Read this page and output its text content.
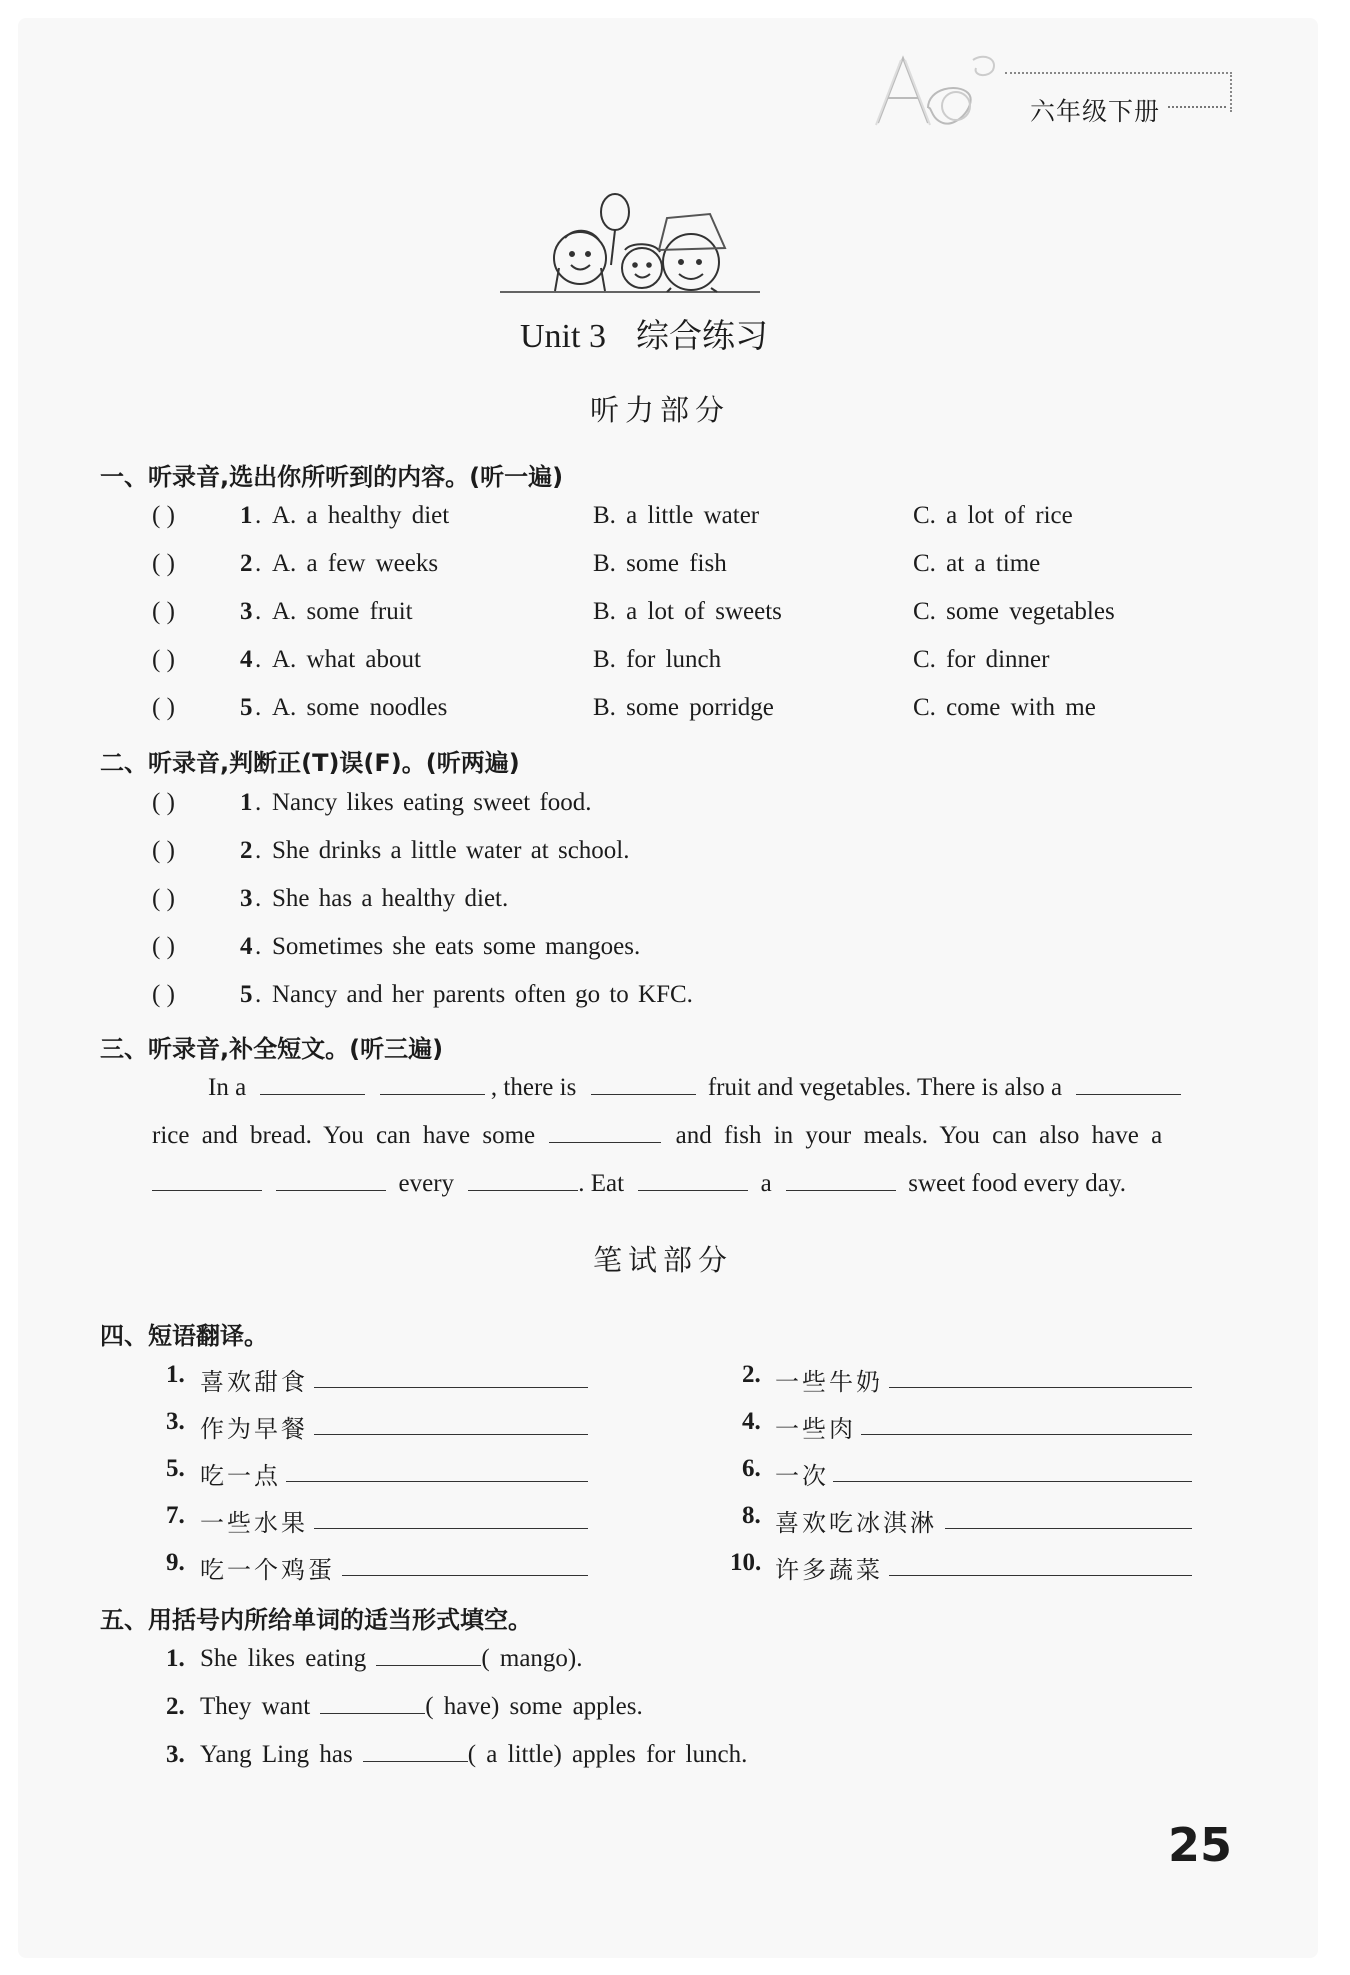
六年级下册
Unit 3 综合练习
听力部分
一、听录音,选出你所听到的内容。(听一遍)
( )	1 . A. a healthy diet	B. a little water	C. a lot of rice
( )	2 . A. a few weeks	B. some fish	C. at a time
( )	3 . A. some fruit	B. a lot of sweets	C. some vegetables
( )	4 . A. what about	B. for lunch	C. for dinner
( )	5 . A. some noodles	B. some porridge	C. come with me
二、听录音,判断正(T)误(F)。(听两遍)
( )	1 . Nancy likes eating sweet food.
( )	2 . She drinks a little water at school.
( )	3 . She has a healthy diet.
( )	4 . Sometimes she eats some mangoes.
( )	5 . Nancy and her parents often go to KFC.
三、听录音,补全短文。(听三遍)
In a	, there is	fruit and vegetables. There is also a
rice and bread. You can have some	and fish in your meals. You can also have a
every	. Eat	a	sweet food every day.
笔试部分
四、短语翻译。
1. 喜欢甜食	2. 一些牛奶
3. 作为早餐	4. 一些肉
5. 吃一点	6. 一次
7. 一些水果	8. 喜欢吃冰淇淋
9. 吃一个鸡蛋	10. 许多蔬菜
五、用括号内所给单词的适当形式填空。
1. She likes eating	( mango).
2. They want	( have) some apples.
3. Yang Ling has	( a little) apples for lunch.
25
